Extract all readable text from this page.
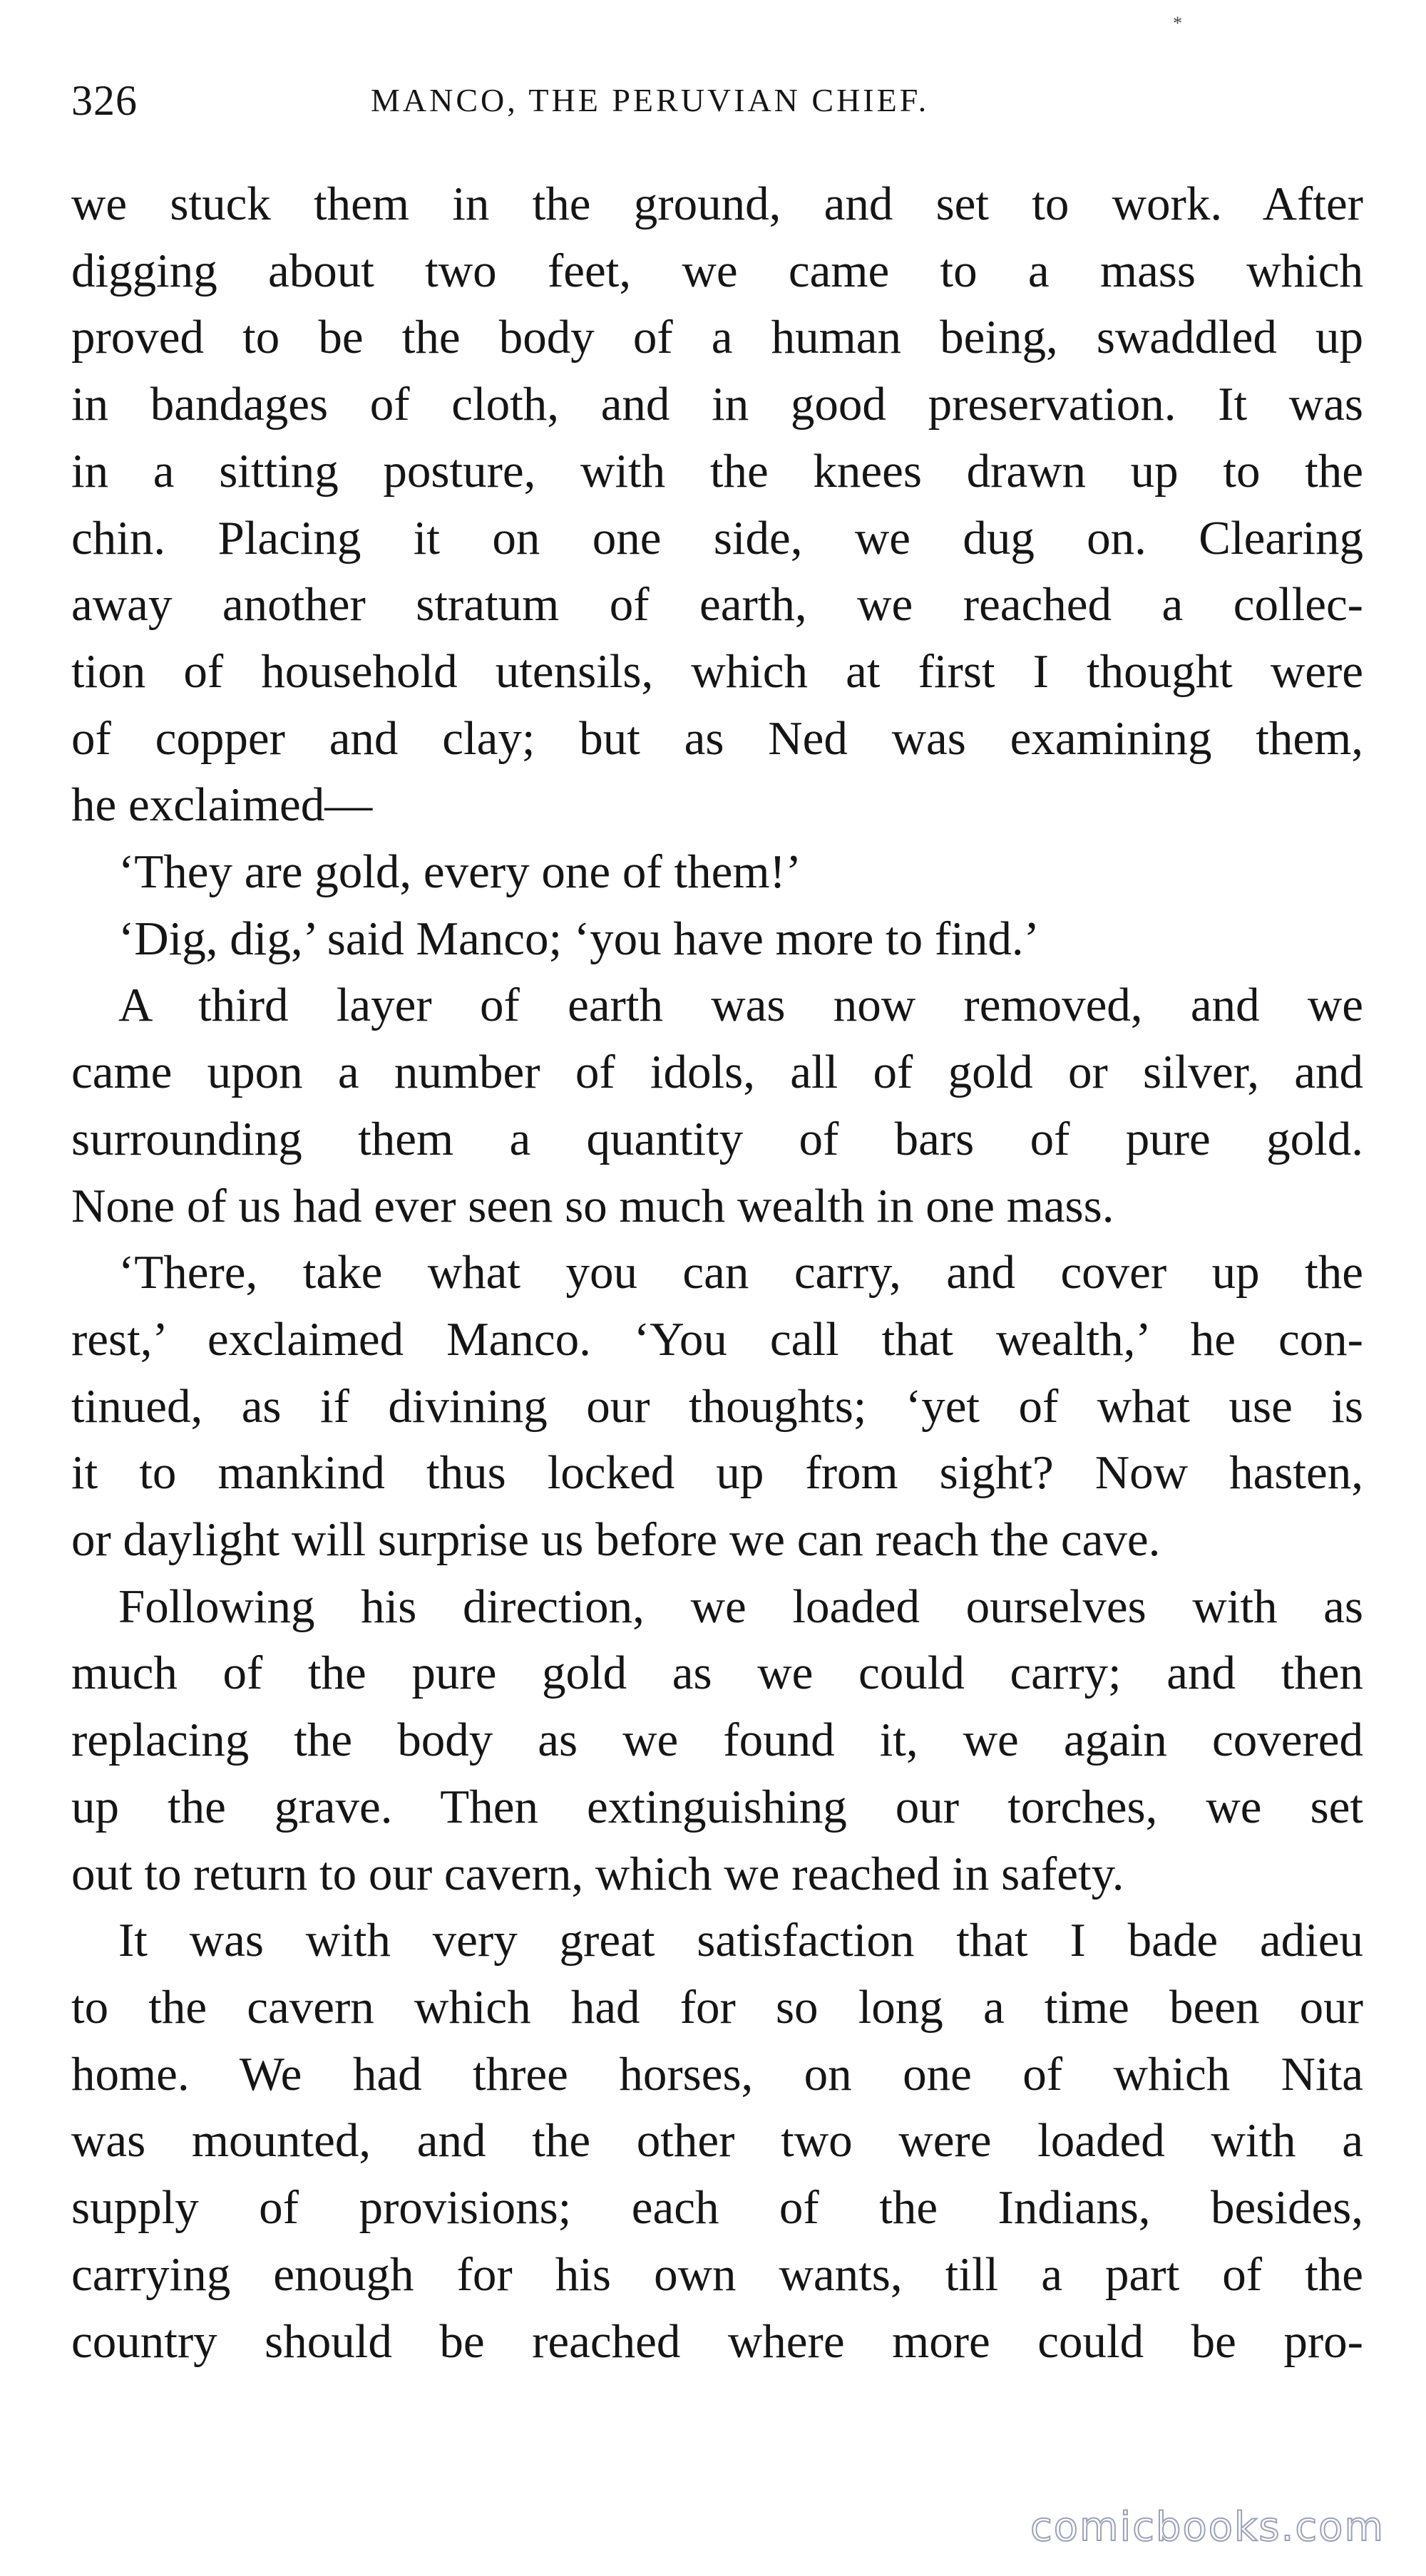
*
326	MANCO, THE PERUVIAN CHIEF.

we stuck them in the ground, and set to work. After
digging about two feet, we came to a mass which
proved to be the body of a human being, swaddled up
in bandages of cloth, and in good preservation. It was
in a sitting posture, with the knees drawn up to the
chin. Placing it on one side, we dug on. Clearing
away another stratum of earth, we reached a collec-
tion of household utensils, which at first I thought were
of copper and clay; but as Ned was examining them,
he exclaimed—

‘They are gold, every one of them!’

‘Dig, dig,’ said Manco; ‘you have more to find.’

A third layer of earth was now removed, and we
came upon a number of idols, all of gold or silver, and
surrounding them a quantity of bars of pure gold.
None of us had ever seen so much wealth in one mass.

‘There, take what you can carry, and cover up the
rest,’ exclaimed Manco. ‘You call that wealth,’ he con-
tinued, as if divining our thoughts; ‘yet of what use is
it to mankind thus locked up from sight? Now hasten,
or daylight will surprise us before we can reach the cave.

Following his direction, we loaded ourselves with as
much of the pure gold as we could carry; and then
replacing the body as we found it, we again covered
up the grave. Then extinguishing our torches, we set
out to return to our cavern, which we reached in safety.

It was with very great satisfaction that I bade adieu
to the cavern which had for so long a time been our
home. We had three horses, on one of which Nita
was mounted, and the other two were loaded with a
supply of provisions; each of the Indians, besides,
carrying enough for his own wants, till a part of the
country should be reached where more could be pro-

comicbooks.com
